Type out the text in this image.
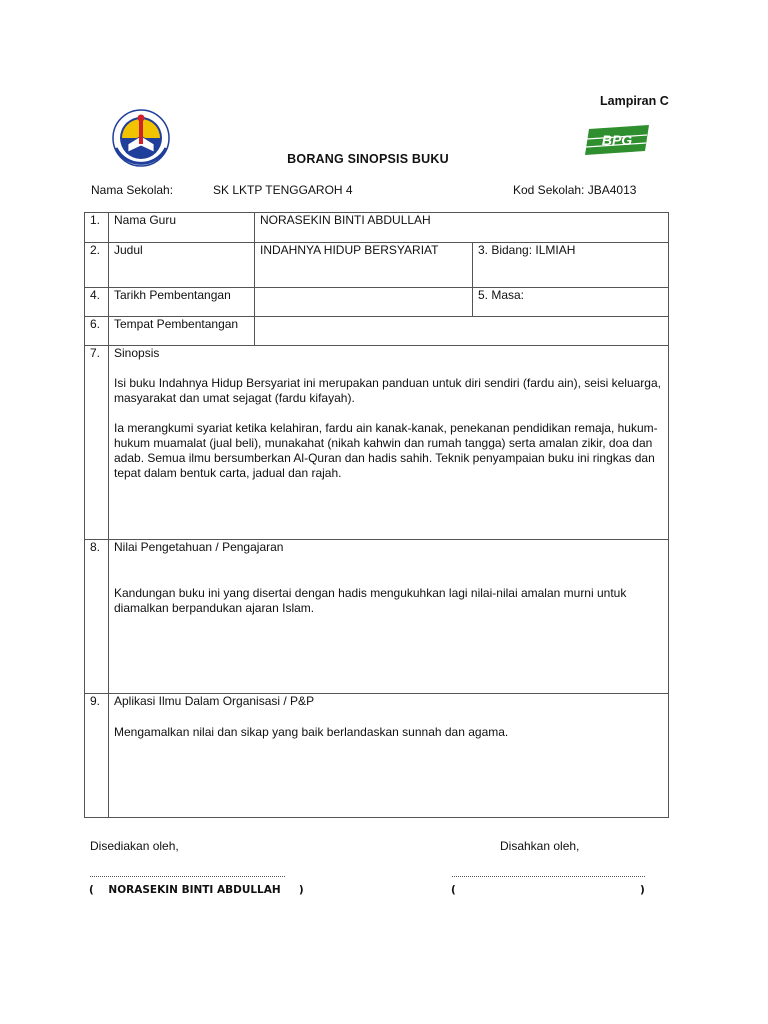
Lampiran C
BPG
BORANG SINOPSIS BUKU
Nama Sekolah:	SK LKTP TENGGAROH 4	Kod Sekolah: JBA4013
1.	Nama Guru	NORASEKIN BINTI ABDULLAH	
2.	Judul	INDAHNYA HIDUP BERSYARIAT	3. Bidang: ILMIAH
4.	Tarikh Pembentangan		5. Masa:
6.	Tempat Pembentangan		
7.	Sinopsis

Isi buku Indahnya Hidup Bersyariat ini merupakan panduan untuk diri sendiri (fardu ain), seisi keluarga, masyarakat dan umat sejagat (fardu kifayah).

Ia merangkumi syariat ketika kelahiran, fardu ain kanak-kanak, penekanan pendidikan remaja, hukum-hukum muamalat (jual beli), munakahat (nikah kahwin dan rumah tangga) serta amalan zikir, doa dan adab. Semua ilmu bersumberkan Al-Quran dan hadis sahih. Teknik penyampaian buku ini ringkas dan tepat dalam bentuk carta, jadual dan rajah.		

8.	Nilai Pengetahuan / Pengajaran

Kandungan buku ini yang disertai dengan hadis mengukuhkan lagi nilai-nilai amalan murni untuk diamalkan berpandukan ajaran Islam.		

9.	Aplikasi Ilmu Dalam Organisasi / P&P

Mengamalkan nilai dan sikap yang baik berlandaskan sunnah dan agama.		

Disediakan oleh,	Disahkan oleh,
(    NORASEKIN BINTI ABDULLAH     )	(	)
